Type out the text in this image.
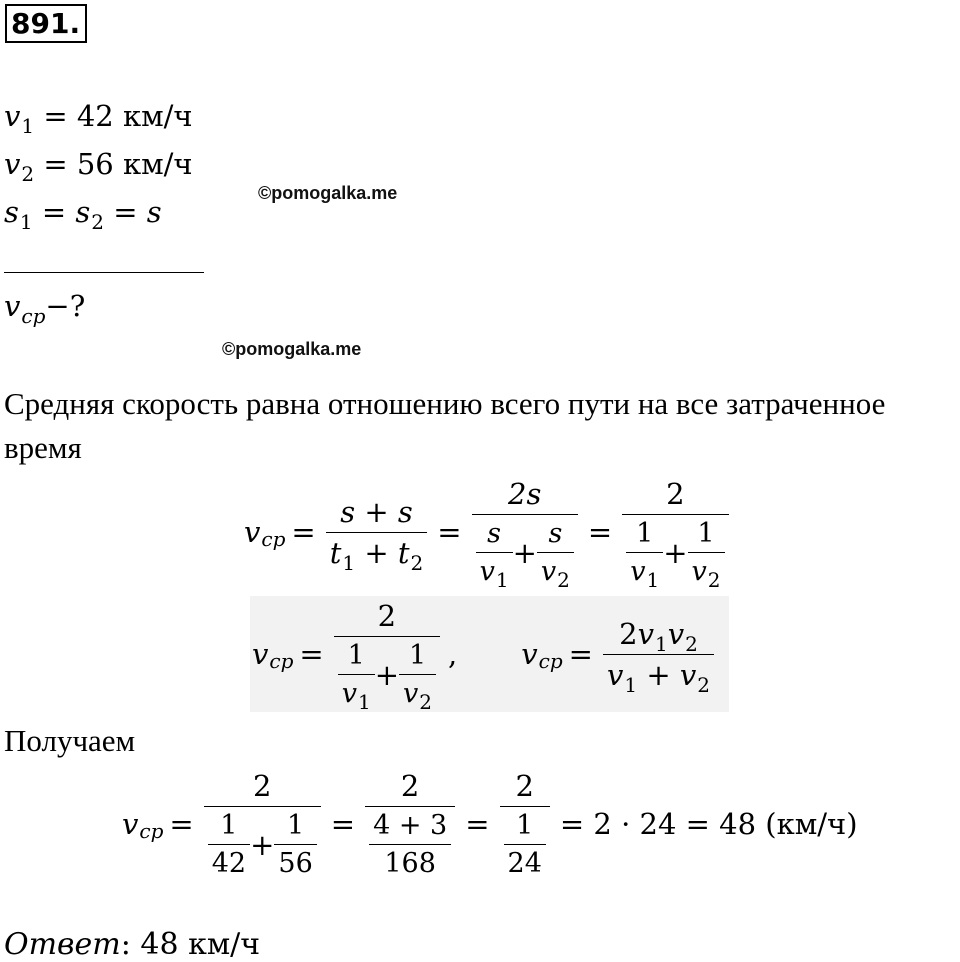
891.
$v_1 = 42$ км/ч
$v_2 = 56$ км/ч
$s_1 = s_2 = s$
©pomogalka.me
$v_{ср}-$?
©pomogalka.me
Средняя скорость равна отношению всего пути на все затраченное
время
v ср = $\frac{s + s}{t_1 + t_2} = \frac{2s}{\frac{s}{v_1} + \frac{s}{v_2}} = \frac{2}{\frac{1}{v_1} + \frac{1}{v_2}}$
v ср = $\frac{2}{\frac{1}{v_1} + \frac{1}{v_2}}$ , v ср = $\frac{2v_1v_2}{v_1 + v_2}$
Получаем
v ср = $\frac{2}{\frac{1}{42} + \frac{1}{56}} = \frac{2}{\frac{4 + 3}{168}} = \frac{2}{\frac{1}{24}} = 2 \cdot 24 = 48$ (км/ч)
Ответ: 48 км/ч
